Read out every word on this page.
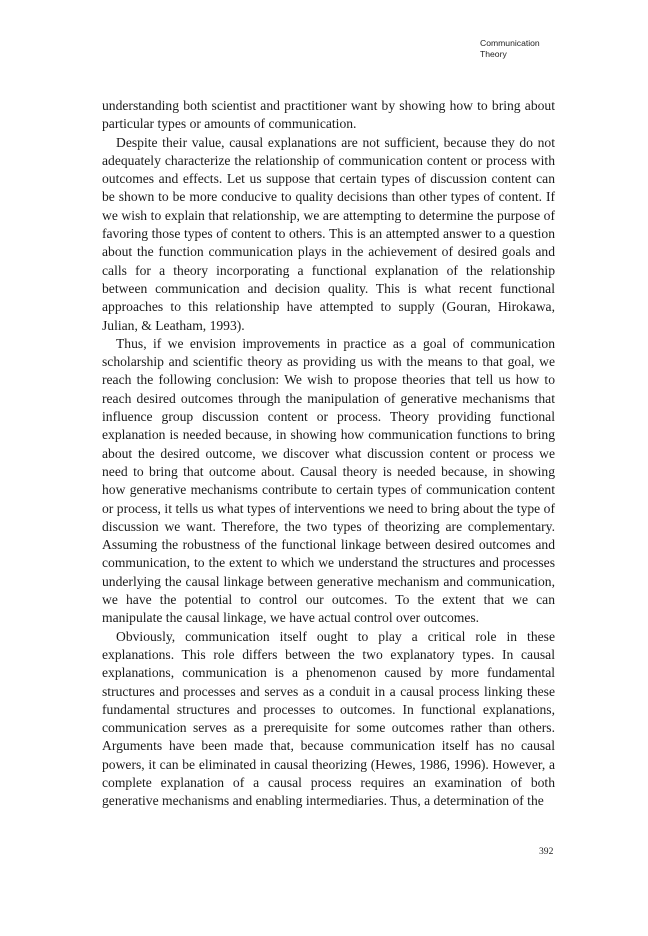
Communication
Theory

understanding both scientist and practitioner want by showing how to bring about particular types or amounts of communication.

Despite their value, causal explanations are not sufficient, because they do not adequately characterize the relationship of communication content or process with outcomes and effects. Let us suppose that certain types of discussion content can be shown to be more conducive to quality decisions than other types of content. If we wish to explain that relationship, we are attempting to determine the purpose of favoring those types of content to others. This is an attempted answer to a question about the function communication plays in the achievement of desired goals and calls for a theory incorporating a functional explanation of the relationship between communication and decision quality. This is what recent functional approaches to this relationship have attempted to supply (Gouran, Hirokawa, Julian, & Leatham, 1993).

Thus, if we envision improvements in practice as a goal of communication scholarship and scientific theory as providing us with the means to that goal, we reach the following conclusion: We wish to propose theories that tell us how to reach desired outcomes through the manipulation of generative mechanisms that influence group discussion content or process. Theory providing functional explanation is needed because, in showing how communication functions to bring about the desired outcome, we discover what discussion content or process we need to bring that outcome about. Causal theory is needed because, in showing how generative mechanisms contribute to certain types of communication content or process, it tells us what types of interventions we need to bring about the type of discussion we want. Therefore, the two types of theorizing are complementary. Assuming the robustness of the functional linkage between desired outcomes and communication, to the extent to which we understand the structures and processes underlying the causal linkage between generative mechanism and communication, we have the potential to control our outcomes. To the extent that we can manipulate the causal linkage, we have actual control over outcomes.

Obviously, communication itself ought to play a critical role in these explanations. This role differs between the two explanatory types. In causal explanations, communication is a phenomenon caused by more fundamental structures and processes and serves as a conduit in a causal process linking these fundamental structures and processes to outcomes. In functional explanations, communication serves as a prerequisite for some outcomes rather than others. Arguments have been made that, because communication itself has no causal powers, it can be eliminated in causal theorizing (Hewes, 1986, 1996). However, a complete explanation of a causal process requires an examination of both generative mechanisms and enabling intermediaries. Thus, a determination of the

392
